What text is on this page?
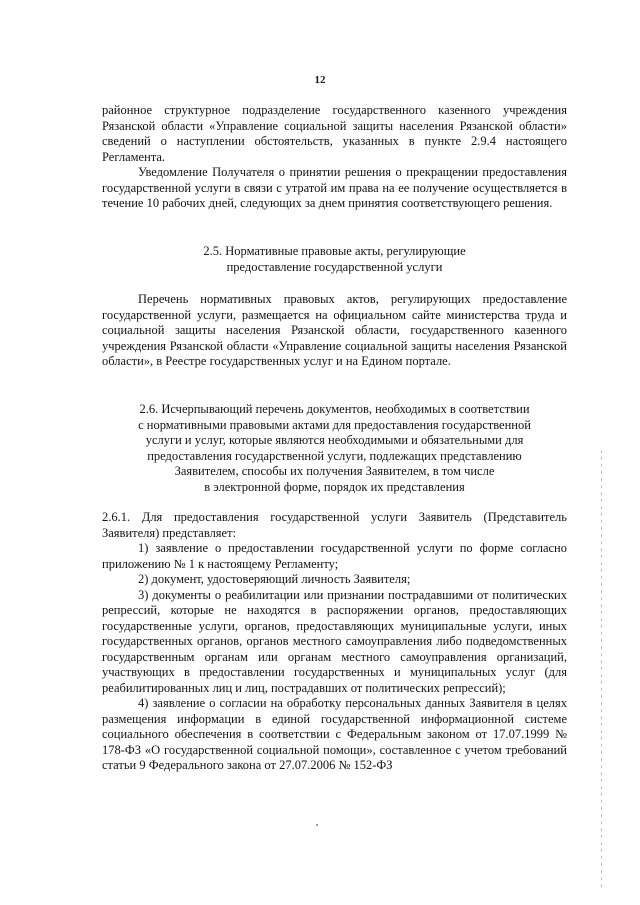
12

районное структурное подразделение государственного казенного учреждения Рязанской области «Управление социальной защиты населения Рязанской области» сведений о наступлении обстоятельств, указанных в пункте 2.9.4 настоящего Регламента.

Уведомление Получателя о принятии решения о прекращении предоставления государственной услуги в связи с утратой им права на ее получение осуществляется в течение 10 рабочих дней, следующих за днем принятия соответствующего решения.

2.5. Нормативные правовые акты, регулирующие

предоставление государственной услуги

Перечень нормативных правовых актов, регулирующих предоставление государственной услуги, размещается на официальном сайте министерства труда и социальной защиты населения Рязанской области, государственного казенного учреждения Рязанской области «Управление социальной защиты населения Рязанской области», в Реестре государственных услуг и на Едином портале.

2.6. Исчерпывающий перечень документов, необходимых в соответствии

с нормативными правовыми актами для предоставления государственной

услуги и услуг, которые являются необходимыми и обязательными для

предоставления государственной услуги, подлежащих представлению

Заявителем, способы их получения Заявителем, в том числе

в электронной форме, порядок их представления

2.6.1. Для предоставления государственной услуги Заявитель (Представитель Заявителя) представляет:

1) заявление о предоставлении государственной услуги по форме согласно приложению № 1 к настоящему Регламенту;

2) документ, удостоверяющий личность Заявителя;

3) документы о реабилитации или признании пострадавшими от политических репрессий, которые не находятся в распоряжении органов, предоставляющих государственные услуги, органов, предоставляющих муниципальные услуги, иных государственных органов, органов местного самоуправления либо подведомственных государственным органам или органам местного самоуправления организаций, участвующих в предоставлении государственных и муниципальных услуг (для реабилитированных лиц и лиц, пострадавших от политических репрессий);

4) заявление о согласии на обработку персональных данных Заявителя в целях размещения информации в единой государственной информационной системе социального обеспечения в соответствии с Федеральным законом от 17.07.1999 № 178-ФЗ «О государственной социальной помощи», составленное с учетом требований статьи 9 Федерального закона от 27.07.2006 № 152-ФЗ
